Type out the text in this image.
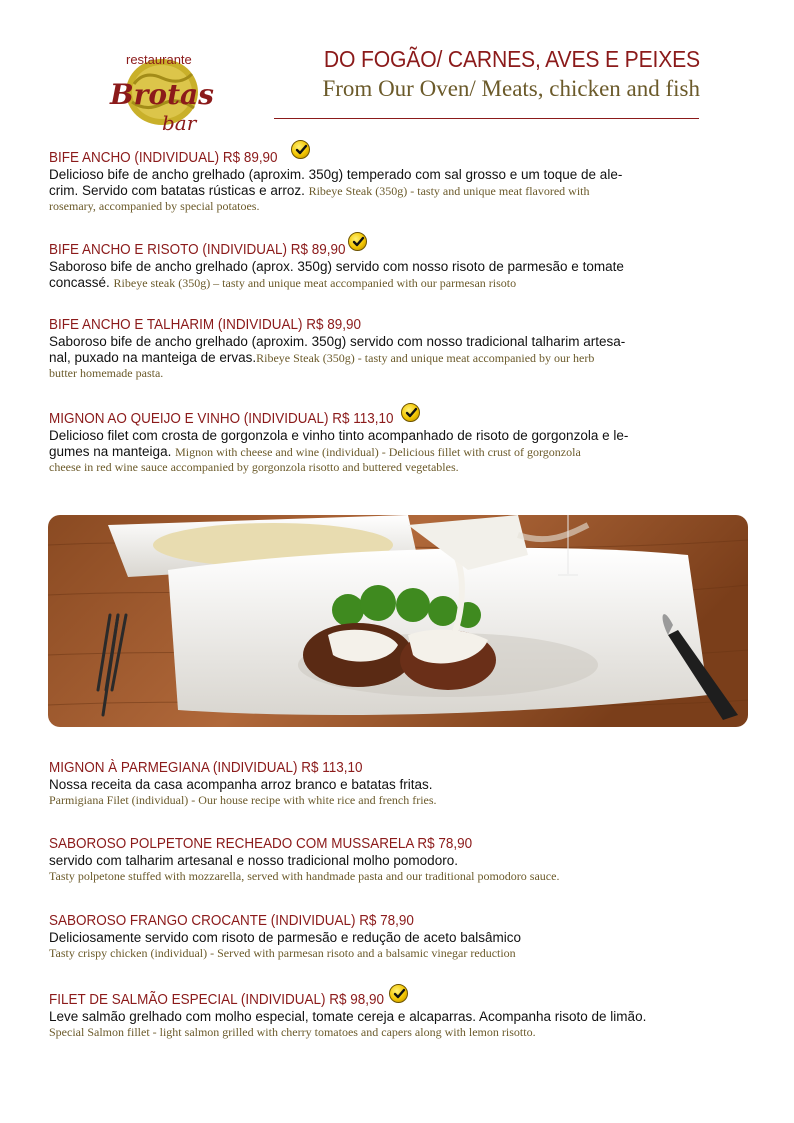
restaurante
Brotas
bar
DO FOGÃO/ CARNES, AVES E PEIXES
From Our Oven/ Meats, chicken and fish
BIFE ANCHO (INDIVIDUAL) R$ 89,90
Delicioso bife de ancho grelhado (aproxim. 350g) temperado com sal grosso e um toque de ale-
crim. Servido com batatas rústicas e arroz. Ribeye Steak (350g) - tasty and unique meat flavored with
rosemary, accompanied by special potatoes.
BIFE ANCHO E RISOTO (INDIVIDUAL) R$ 89,90
Saboroso bife de ancho grelhado (aprox. 350g) servido com nosso risoto de parmesão e tomate
concassé. Ribeye steak (350g) – tasty and unique meat accompanied with our parmesan risoto
BIFE ANCHO E TALHARIM (INDIVIDUAL) R$ 89,90
Saboroso bife de ancho grelhado (aproxim. 350g) servido com nosso tradicional talharim artesa-
nal, puxado na manteiga de ervas.Ribeye Steak (350g) - tasty and unique meat accompanied by our herb
butter homemade pasta.
MIGNON AO QUEIJO E VINHO (INDIVIDUAL) R$ 113,10
Delicioso filet com crosta de gorgonzola e vinho tinto acompanhado de risoto de gorgonzola e le-
gumes na manteiga. Mignon with cheese and wine (individual) - Delicious fillet with crust of gorgonzola
cheese in red wine sauce accompanied by gorgonzola risotto and buttered vegetables.
MIGNON À PARMEGIANA (INDIVIDUAL) R$ 113,10
Nossa receita da casa acompanha arroz branco e batatas fritas.
Parmigiana Filet (individual) - Our house recipe with white rice and french fries.
SABOROSO POLPETONE RECHEADO COM MUSSARELA R$ 78,90
servido com talharim artesanal e nosso tradicional molho pomodoro.
Tasty polpetone stuffed with mozzarella, served with handmade pasta and our traditional pomodoro sauce.
SABOROSO FRANGO CROCANTE (INDIVIDUAL) R$ 78,90
Deliciosamente servido com risoto de parmesão e redução de aceto balsâmico
Tasty crispy chicken (individual) - Served with parmesan risoto and a balsamic vinegar reduction
FILET DE SALMÃO ESPECIAL (INDIVIDUAL) R$ 98,90
Leve salmão grelhado com molho especial, tomate cereja e alcaparras. Acompanha risoto de limão.
Special Salmon fillet - light salmon grilled with cherry tomatoes and capers along with lemon risotto.
